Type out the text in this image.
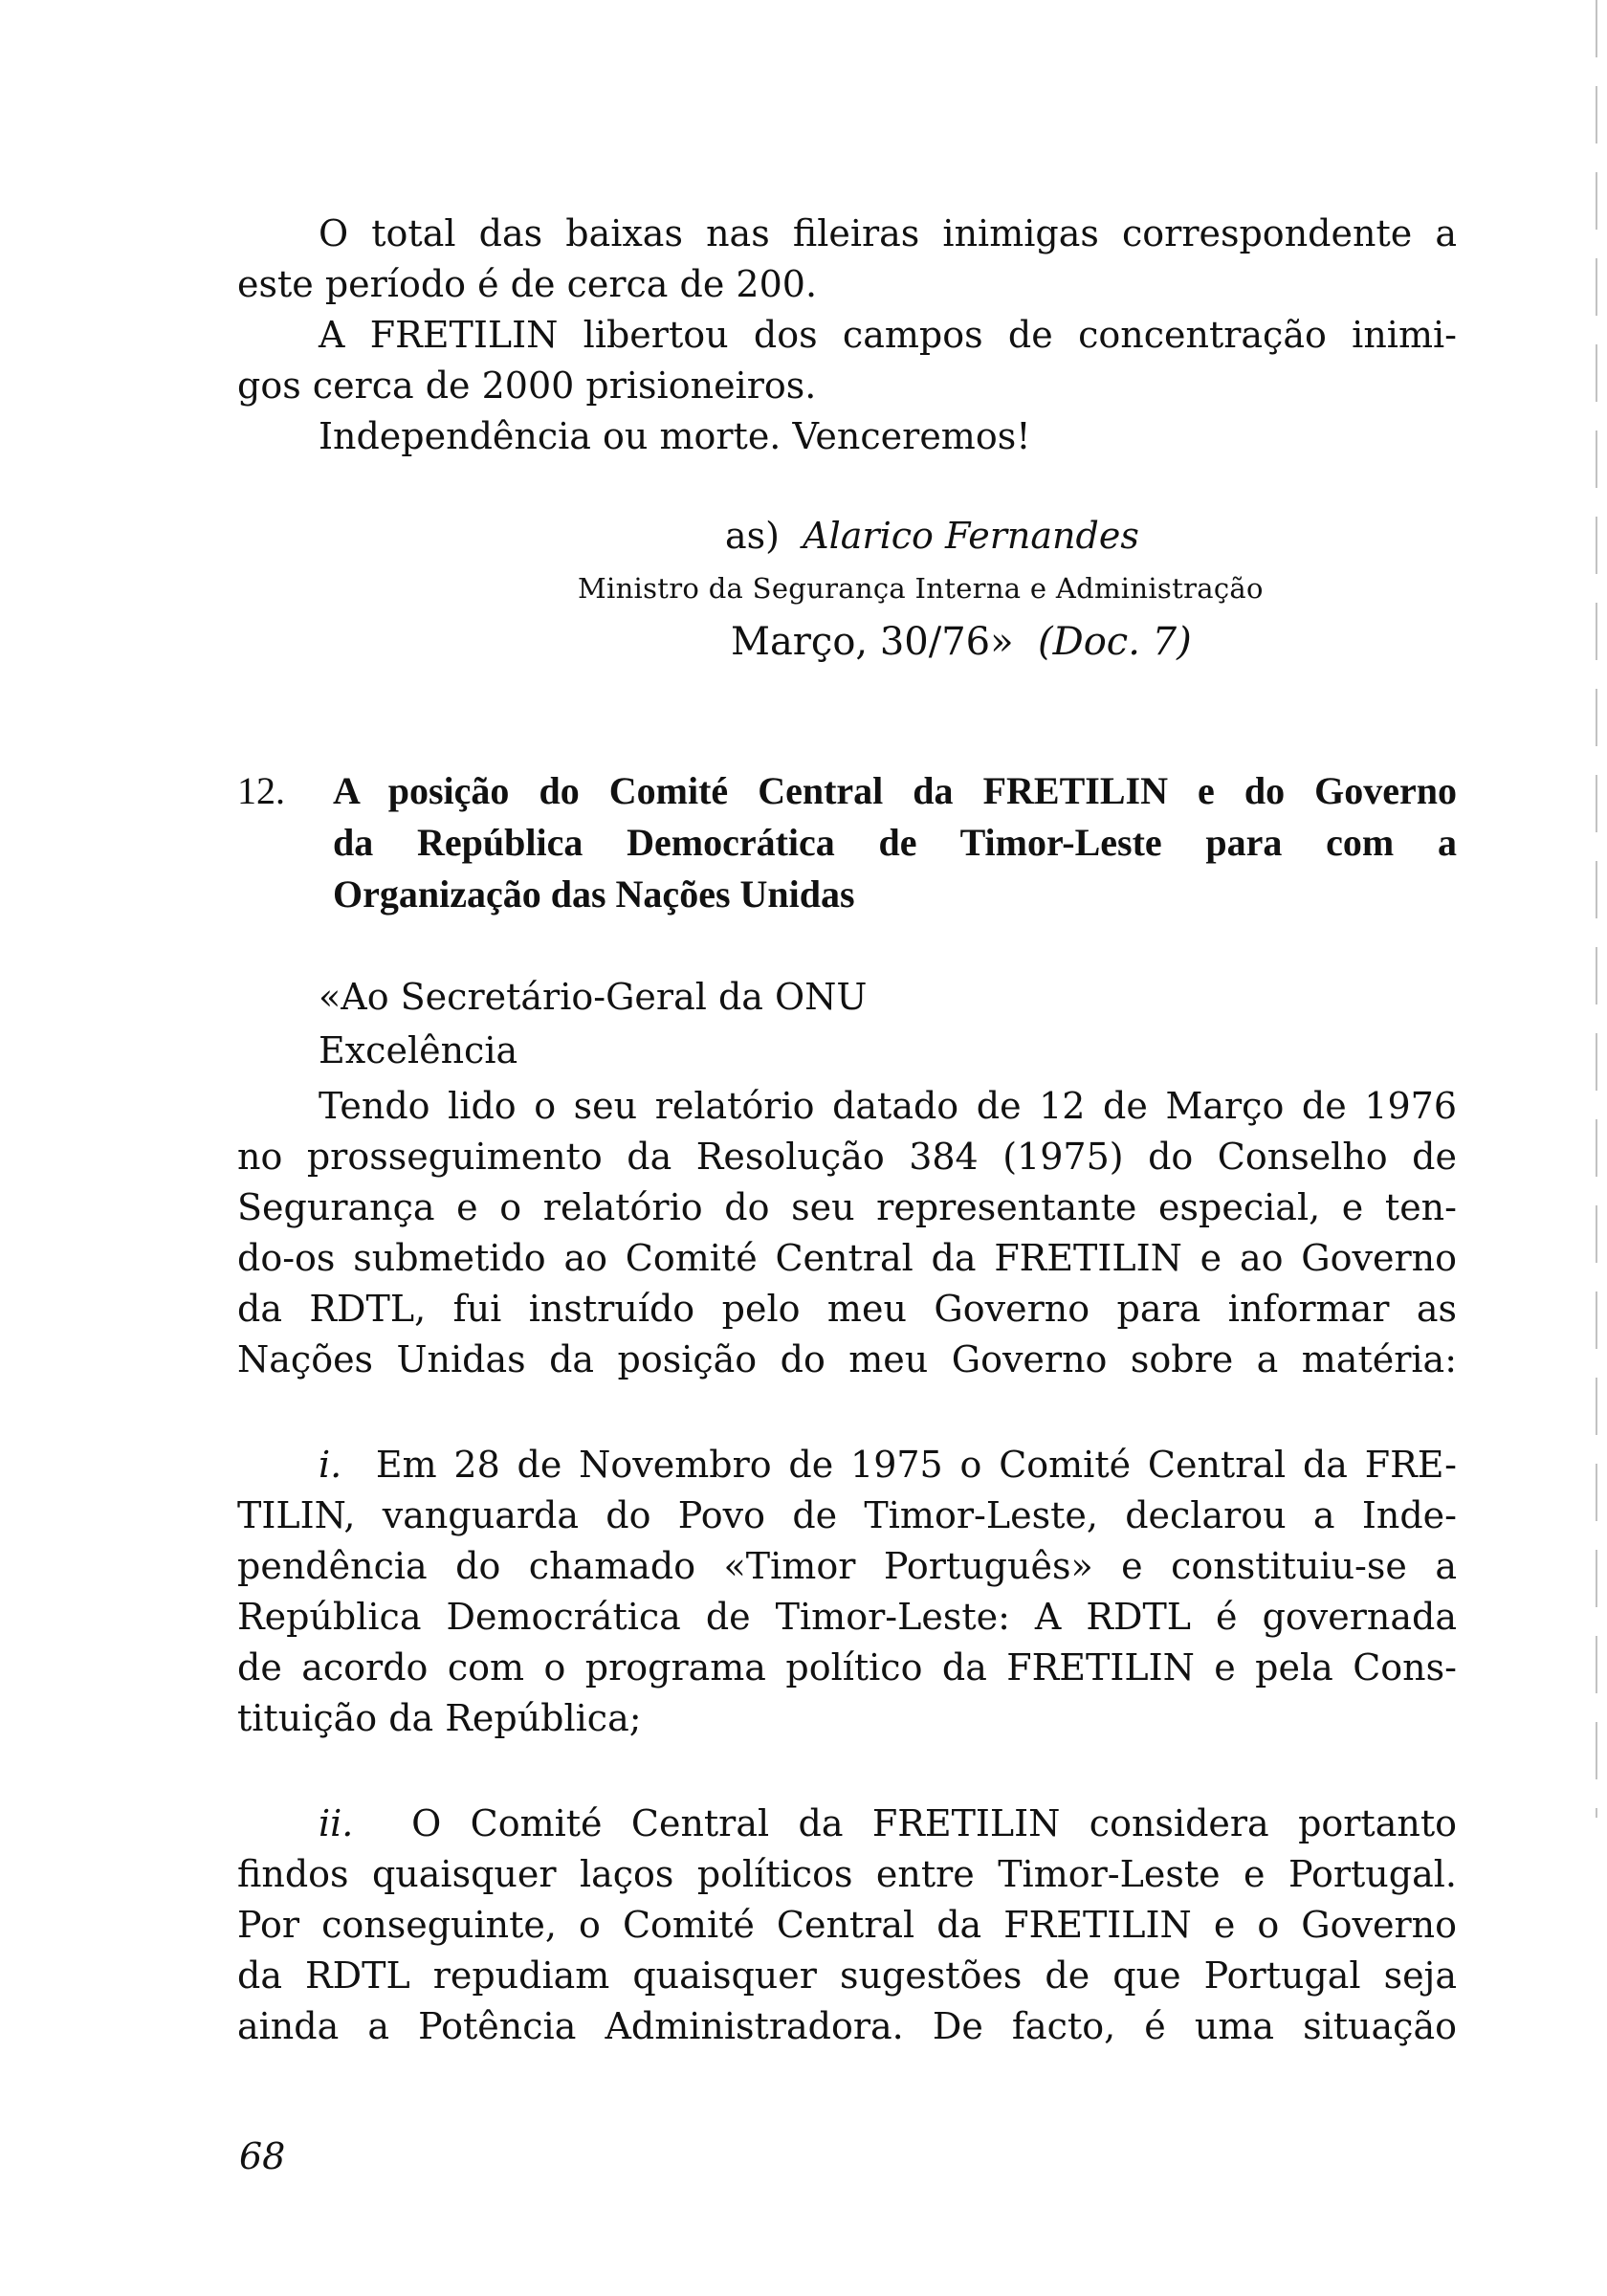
O total das baixas nas fileiras inimigas correspondente a
este período é de cerca de 200.
A FRETILIN libertou dos campos de concentração inimi-
gos cerca de 2000 prisioneiros.
Independência ou morte. Venceremos!
as) Alarico Fernandes
Ministro da Segurança Interna e Administração
Março, 30/76» (Doc. 7)
12. A posição do Comité Central da FRETILIN e do Governo
da República Democrática de Timor-Leste para com a
Organização das Nações Unidas
«Ao Secretário-Geral da ONU
Excelência
Tendo lido o seu relatório datado de 12 de Março de 1976
no prosseguimento da Resolução 384 (1975) do Conselho de
Segurança e o relatório do seu representante especial, e ten-
do-os submetido ao Comité Central da FRETILIN e ao Governo
da RDTL, fui instruído pelo meu Governo para informar as
Nações Unidas da posição do meu Governo sobre a matéria:
i. Em 28 de Novembro de 1975 o Comité Central da FRE-
TILIN, vanguarda do Povo de Timor-Leste, declarou a Inde-
pendência do chamado «Timor Português» e constituiu-se a
República Democrática de Timor-Leste: A RDTL é governada
de acordo com o programa político da FRETILIN e pela Cons-
tituição da República;
ii. O Comité Central da FRETILIN considera portanto
findos quaisquer laços políticos entre Timor-Leste e Portugal.
Por conseguinte, o Comité Central da FRETILIN e o Governo
da RDTL repudiam quaisquer sugestões de que Portugal seja
ainda a Potência Administradora. De facto, é uma situação
68
